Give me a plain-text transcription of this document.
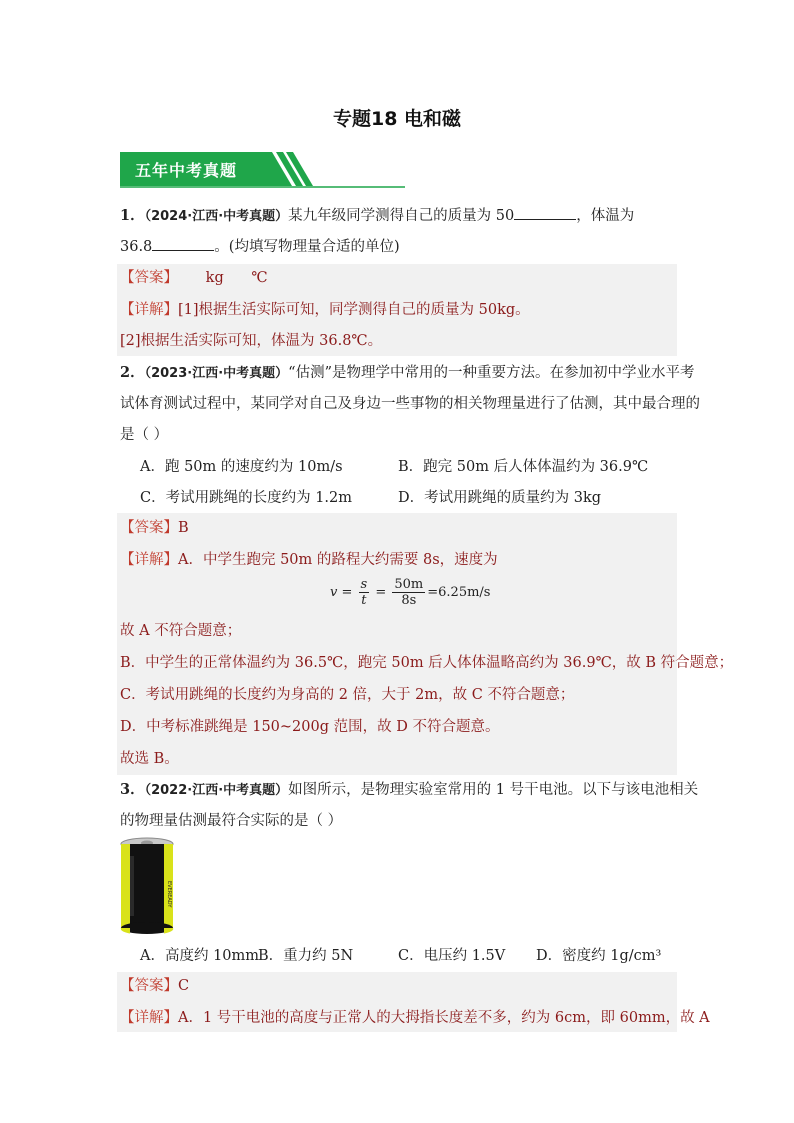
专题18 电和磁
五年中考真题
1．（2024·江西·中考真题）某九年级同学测得自己的质量为 50	，体温为
36.8	。(均填写物理量合适的单位)
【答案】      kg      ℃
【详解】[1]根据生活实际可知，同学测得自己的质量为 50kg。
[2]根据生活实际可知，体温为 36.8℃。
2．（2023·江西·中考真题）“估测”是物理学中常用的一种重要方法。在参加初中学业水平考
试体育测试过程中，某同学对自己及身边一些事物的相关物理量进行了估测，其中最合理的
是（ ）
A．跑 50m 的速度约为 10m/s	B．跑完 50m 后人体体温约为 36.9℃
C．考试用跳绳的长度约为 1.2m	D．考试用跳绳的质量约为 3kg
【答案】B
【详解】A．中学生跑完 50m 的路程大约需要 8s，速度为
故 A 不符合题意；
B．中学生的正常体温约为 36.5℃，跑完 50m 后人体体温略高约为 36.9℃，故 B 符合题意；
C．考试用跳绳的长度约为身高的 2 倍，大于 2m，故 C 不符合题意；
D．中考标准跳绳是 150~200g 范围，故 D 不符合题意。
故选 B。
$v = \frac{s}{t} = \frac{50m}{8s} =6.25m/s$
3．（2022·江西·中考真题）如图所示，是物理实验室常用的 1 号干电池。以下与该电池相关
的物理量估测最符合实际的是（ ）
EVEREADY
A．高度约 10mm
B．重力约 5N	C．电压约 1.5V D．密度约 1g/cm³
【答案】C
【详解】A．1 号干电池的高度与正常人的大拇指长度差不多，约为 6cm，即 60mm，故 A
